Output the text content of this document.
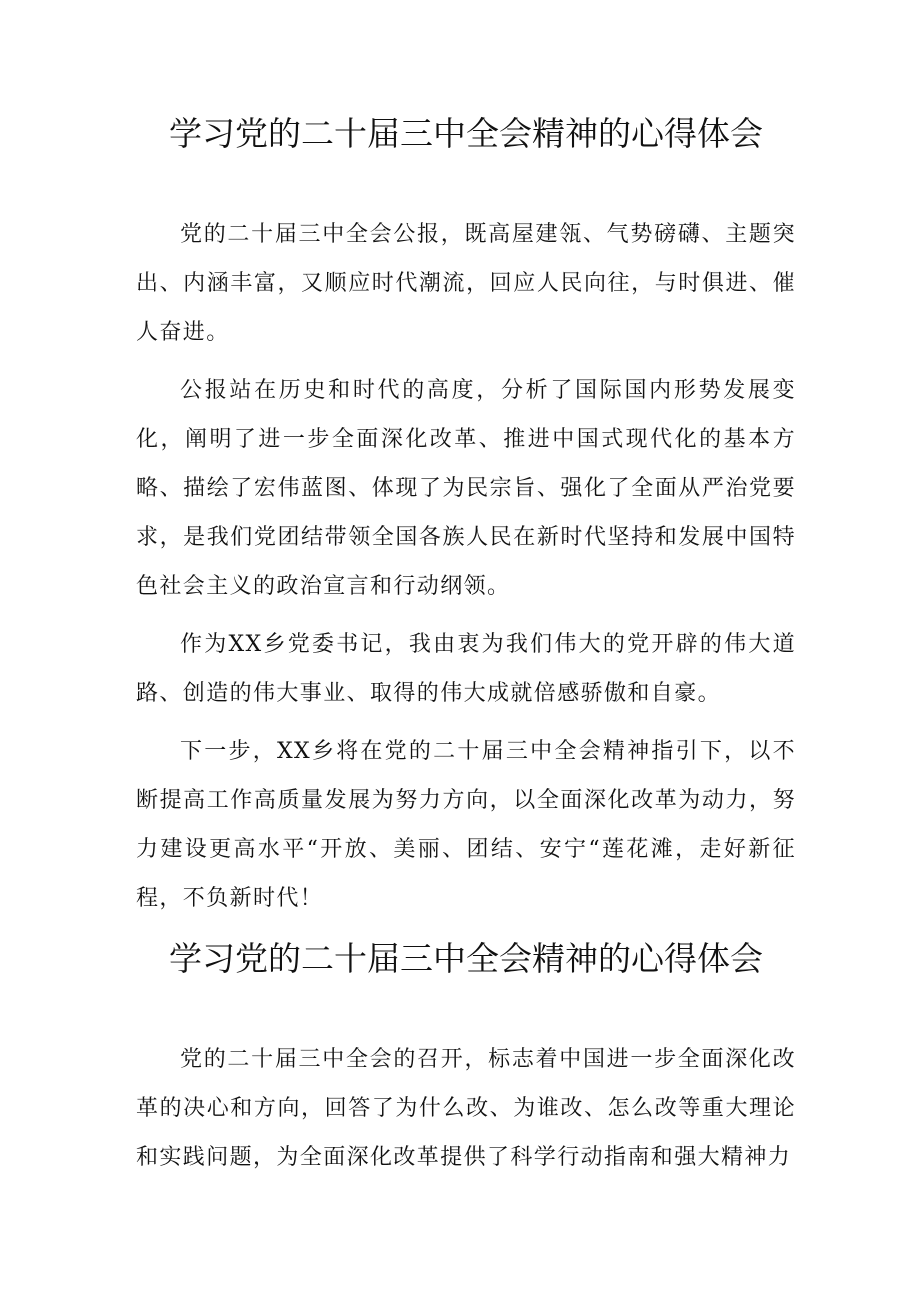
学习党的二十届三中全会精神的心得体会

党的二十届三中全会公报，既高屋建瓴、气势磅礴、主题突出、内涵丰富，又顺应时代潮流，回应人民向往，与时俱进、催人奋进。

公报站在历史和时代的高度，分析了国际国内形势发展变化，阐明了进一步全面深化改革、推进中国式现代化的基本方略、描绘了宏伟蓝图、体现了为民宗旨、强化了全面从严治党要求，是我们党团结带领全国各族人民在新时代坚持和发展中国特色社会主义的政治宣言和行动纲领。

作为XX乡党委书记，我由衷为我们伟大的党开辟的伟大道路、创造的伟大事业、取得的伟大成就倍感骄傲和自豪。

下一步，XX乡将在党的二十届三中全会精神指引下，以不断提高工作高质量发展为努力方向，以全面深化改革为动力，努力建设更高水平“开放、美丽、团结、安宁“莲花滩，走好新征程，不负新时代！

学习党的二十届三中全会精神的心得体会

党的二十届三中全会的召开，标志着中国进一步全面深化改革的决心和方向，回答了为什么改、为谁改、怎么改等重大理论和实践问题，为全面深化改革提供了科学行动指南和强大精神力
